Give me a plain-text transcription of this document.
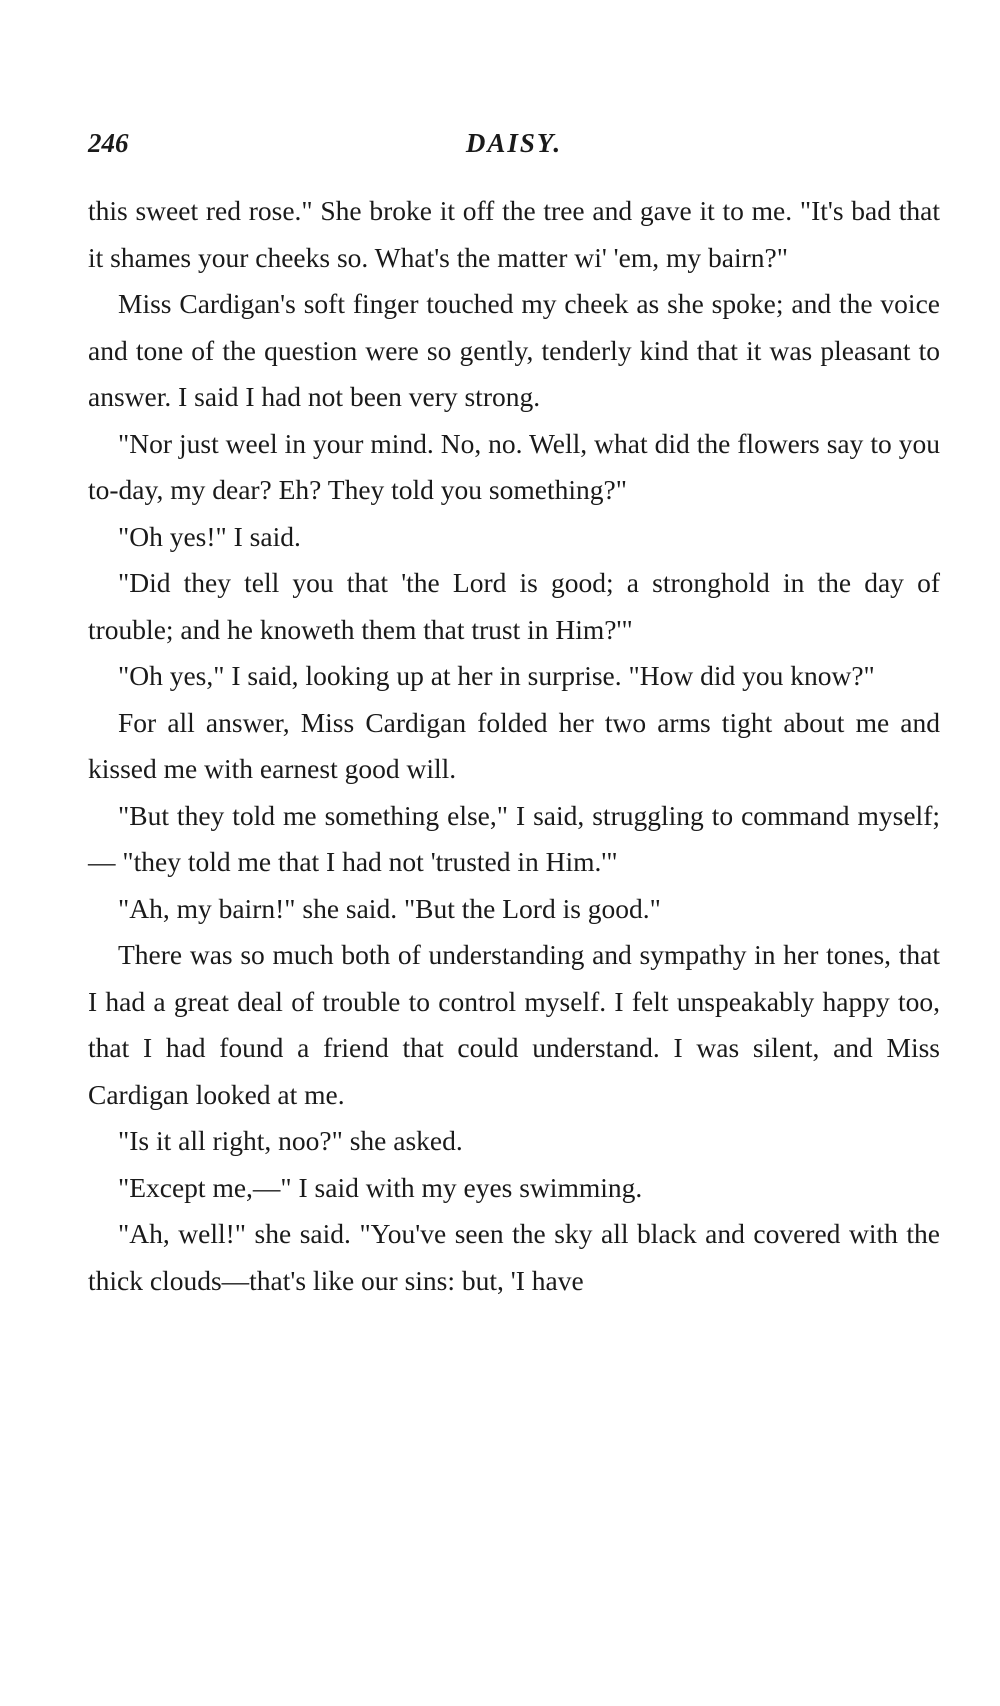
246	DAISY.

this sweet red rose." She broke it off the tree and gave it to me. "It's bad that it shames your cheeks so. What's the matter wi' 'em, my bairn?"

Miss Cardigan's soft finger touched my cheek as she spoke; and the voice and tone of the question were so gently, tenderly kind that it was pleasant to answer. I said I had not been very strong.

"Nor just weel in your mind. No, no. Well, what did the flowers say to you to-day, my dear? Eh? They told you something?"

"Oh yes!" I said.

"Did they tell you that 'the Lord is good; a stronghold in the day of trouble; and he knoweth them that trust in Him?'"

"Oh yes," I said, looking up at her in surprise. "How did you know?"

For all answer, Miss Cardigan folded her two arms tight about me and kissed me with earnest good will.

"But they told me something else," I said, struggling to command myself; — "they told me that I had not 'trusted in Him.'"

"Ah, my bairn!" she said. "But the Lord is good."

There was so much both of understanding and sympathy in her tones, that I had a great deal of trouble to control myself. I felt unspeakably happy too, that I had found a friend that could understand. I was silent, and Miss Cardigan looked at me.

"Is it all right, noo?" she asked.

"Except me,—" I said with my eyes swimming.

"Ah, well!" she said. "You've seen the sky all black and covered with the thick clouds—that's like our sins: but, 'I have
